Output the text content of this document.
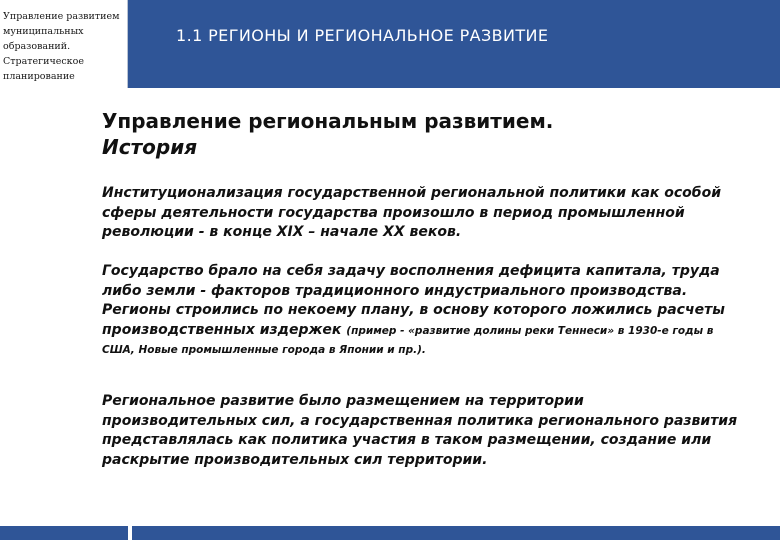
Управление развитием муниципальных образований. Стратегическое планирование
1.1 РЕГИОНЫ И РЕГИОНАЛЬНОЕ РАЗВИТИЕ
Управление региональным развитием.
История
Институционализация государственной региональной политики как особой сферы деятельности государства произошло в период промышленной революции - в конце XIX – начале XX веков.
Государство брало на себя задачу восполнения дефицита капитала, труда либо земли - факторов традиционного индустриального производства. Регионы строились по некоему плану, в основу которого ложились расчеты производственных издержек (пример - «развитие долины реки Теннеси» в 1930-е годы в США, Новые промышленные города в Японии и пр.).
Региональное развитие было размещением на территории производительных сил, а государственная политика регионального развития представлялась как политика участия в таком размещении, создание или раскрытие производительных сил территории.
